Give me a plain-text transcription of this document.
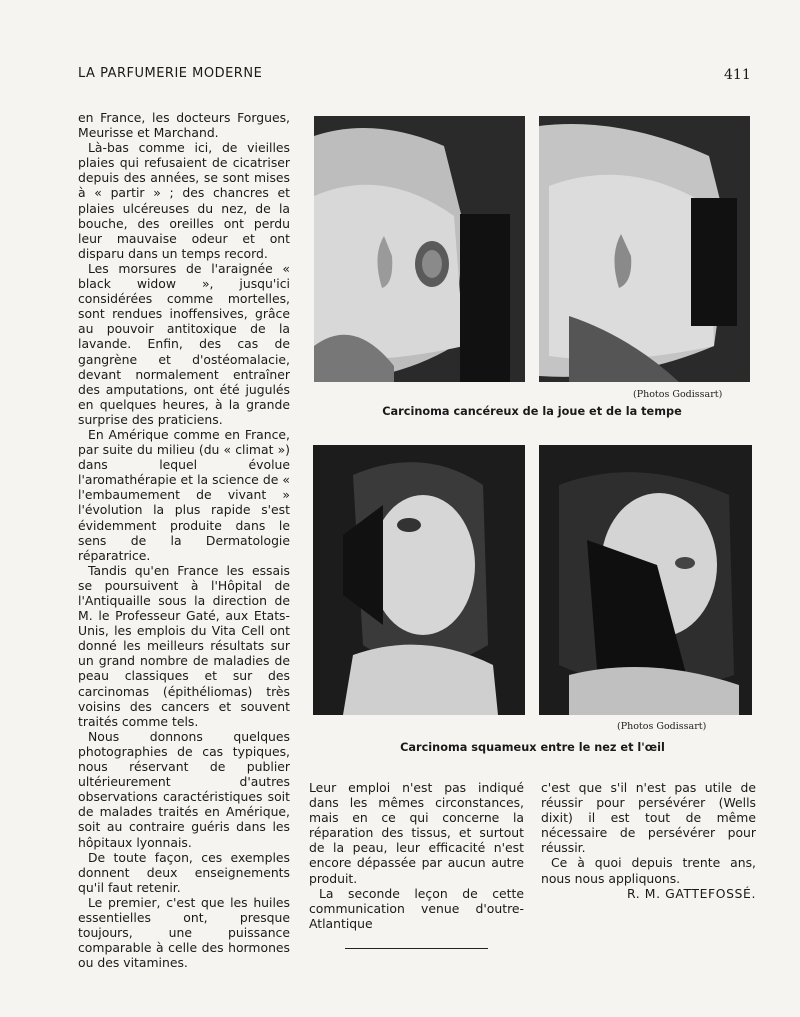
LA PARFUMERIE MODERNE	411

en France, les docteurs Forgues, Meurisse et Marchand.

Là-bas comme ici, de vieilles plaies qui refusaient de cicatriser depuis des années, se sont mises à « partir » ; des chancres et plaies ulcéreuses du nez, de la bouche, des oreilles ont perdu leur mauvaise odeur et ont disparu dans un temps record.

Les morsures de l'araignée « black widow », jusqu'ici considérées comme mortelles, sont rendues inoffensives, grâce au pouvoir antitoxique de la lavande. Enfin, des cas de gangrène et d'ostéomalacie, devant normalement entraîner des amputations, ont été jugulés en quelques heures, à la grande surprise des praticiens.

En Amérique comme en France, par suite du milieu (du « climat ») dans lequel évolue l'aromathérapie et la science de « l'embaumement de vivant » l'évolution la plus rapide s'est évidemment produite dans le sens de la Dermatologie réparatrice.

Tandis qu'en France les essais se poursuivent à l'Hôpital de l'Antiquaille sous la direction de M. le Professeur Gaté, aux Etats-Unis, les emplois du Vita Cell ont donné les meilleurs résultats sur un grand nombre de maladies de peau classiques et sur des carcinomas (épithéliomas) très voisins des cancers et souvent traités comme tels.

Nous donnons quelques photographies de cas typiques, nous réservant de publier ultérieurement d'autres observations caractéristiques soit de malades traités en Amérique, soit au contraire guéris dans les hôpitaux lyonnais.

De toute façon, ces exemples donnent deux enseignements qu'il faut retenir.

Le premier, c'est que les huiles essentielles ont, presque toujours, une puissance comparable à celle des hormones ou des vitamines.

(Photos Godissart)
Carcinoma cancéreux de la joue et de la tempe
(Photos Godissart)
Carcinoma squameux entre le nez et l'œil

Leur emploi n'est pas indiqué dans les mêmes circonstances, mais en ce qui concerne la réparation des tissus, et surtout de la peau, leur efficacité n'est encore dépassée par aucun autre produit.

La seconde leçon de cette communication venue d'outre-Atlantique

c'est que s'il n'est pas utile de réussir pour persévérer (Wells dixit) il est tout de même nécessaire de persévérer pour réussir.

Ce à quoi depuis trente ans, nous nous appliquons.

R. M. GATTEFOSSÉ.
